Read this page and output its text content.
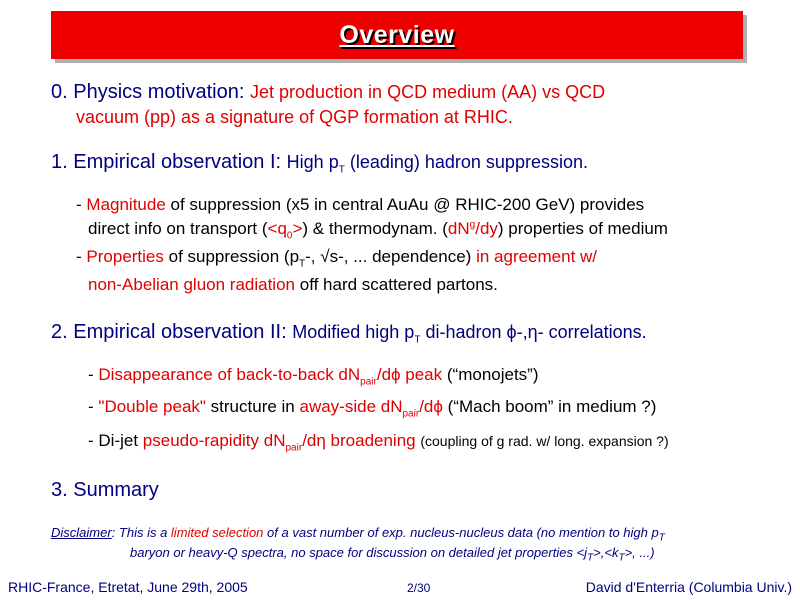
Overview
0. Physics motivation: Jet production in QCD medium (AA) vs QCD
vacuum (pp) as a signature of QGP formation at RHIC.
1. Empirical observation I: High $p_T$ (leading) hadron suppression.
- Magnitude of suppression (x5 in central AuAu @ RHIC-200 GeV) provides
direct info on transport $(<q_0>)$ & thermodynam. $(dN^g/dy)$ properties of medium
- Properties of suppression ($p_T-$, √s-, ... dependence) in agreement w/
non-Abelian gluon radiation off hard scattered partons.
2. Empirical observation II: Modified high $p_T$ di-hadron ϕ-,η- correlations.
- Disappearance of back-to-back $dN_{pair}/d\phi$ peak (“monojets”)
- "Double peak" structure in away-side $dN_{pair}/d\phi$ (“Mach boom” in medium ?)
- Di-jet pseudo-rapidity $dN_{pair}/d\eta$ broadening (coupling of g rad. w/ long. expansion ?)
3. Summary
Disclaimer: This is a limited selection of a vast number of exp. nucleus-nucleus data (no mention to high $p_T$
baryon or heavy-Q spectra, no space for discussion on detailed jet properties $<j_T>,<k_T>$, ...)
RHIC-France, Etretat, June 29th, 2005	2/30	David d'Enterria (Columbia Univ.)
